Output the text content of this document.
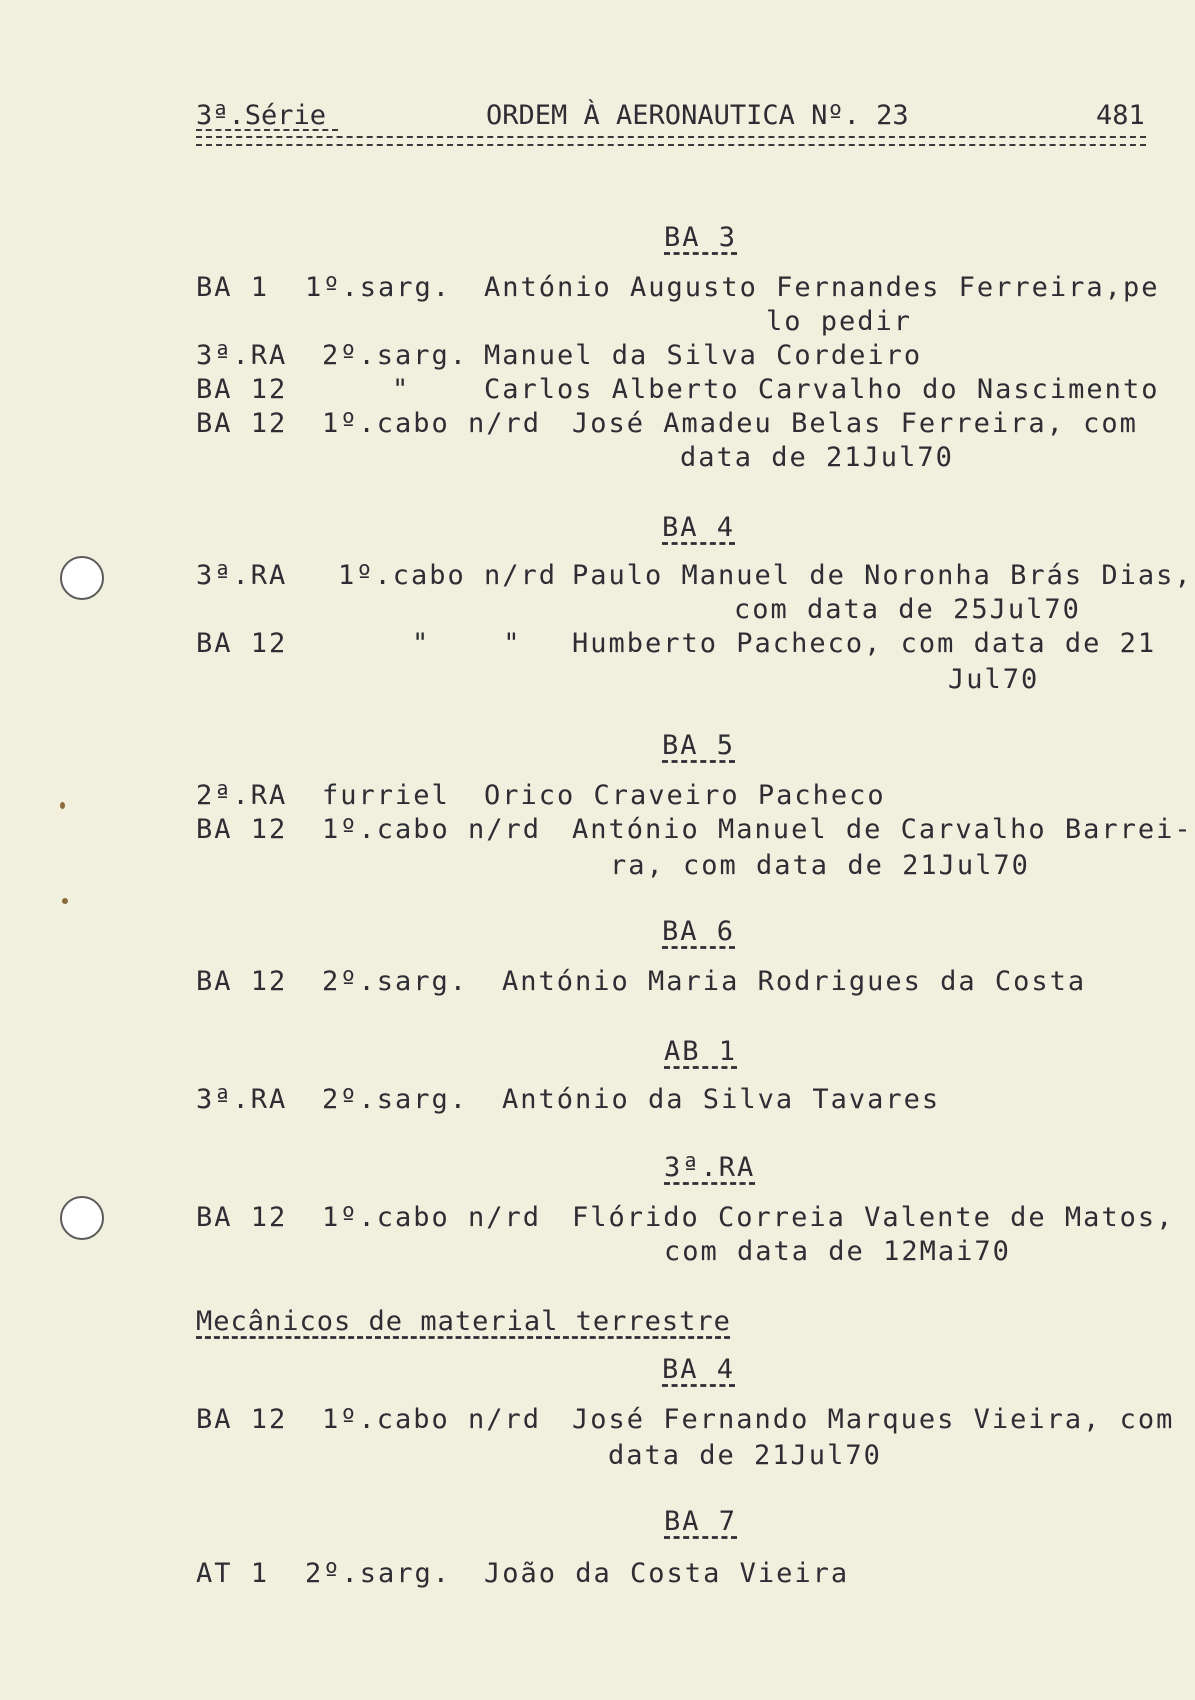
3ª.Série	ORDEM À AERONAUTICA Nº. 23	481
BA 3
BA 1 1º.sarg. António Augusto Fernandes Ferreira,pe
lo pedir
3ª.RA 2º.sarg. Manuel da Silva Cordeiro
BA 12	"	Carlos Alberto Carvalho do Nascimento
BA 12 1º.cabo n/rd José Amadeu Belas Ferreira, com
data de 21Jul70
BA 4
3ª.RA 1º.cabo n/rd Paulo Manuel de Noronha Brás Dias,
com data de 25Jul70
BA 12	"    " Humberto Pacheco, com data de 21
Jul70
BA 5
2ª.RA furriel Orico Craveiro Pacheco
BA 12 1º.cabo n/rd António Manuel de Carvalho Barrei-
ra, com data de 21Jul70
BA 6
BA 12 2º.sarg. António Maria Rodrigues da Costa
AB 1
3ª.RA 2º.sarg. António da Silva Tavares
3ª.RA
BA 12 1º.cabo n/rd Flórido Correia Valente de Matos,
com data de 12Mai70
Mecânicos de material terrestre
BA 4
BA 12 1º.cabo n/rd José Fernando Marques Vieira, com
data de 21Jul70
BA 7
AT 1 2º.sarg. João da Costa Vieira
